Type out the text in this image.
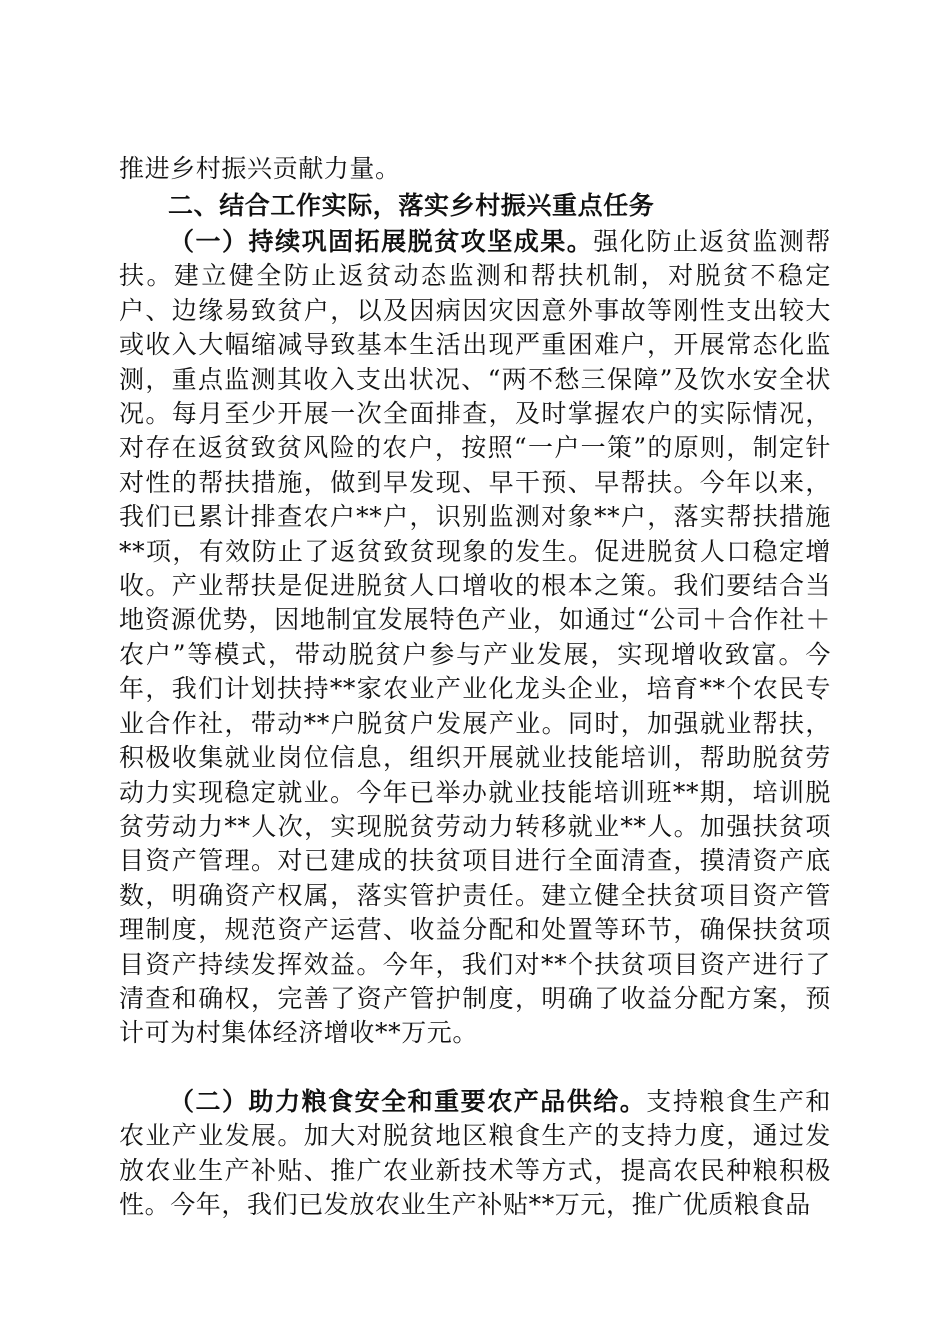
推进乡村振兴贡献力量。

二、结合工作实际，落实乡村振兴重点任务

（一）持续巩固拓展脱贫攻坚成果。强化防止返贫监测帮扶。建立健全防止返贫动态监测和帮扶机制，对脱贫不稳定户、边缘易致贫户，以及因病因灾因意外事故等刚性支出较大或收入大幅缩减导致基本生活出现严重困难户，开展常态化监测，重点监测其收入支出状况、“两不愁三保障”及饮水安全状况。每月至少开展一次全面排查，及时掌握农户的实际情况，对存在返贫致贫风险的农户，按照“一户一策”的原则，制定针对性的帮扶措施，做到早发现、早干预、早帮扶。今年以来，我们已累计排查农户**户，识别监测对象**户，落实帮扶措施**项，有效防止了返贫致贫现象的发生。促进脱贫人口稳定增收。产业帮扶是促进脱贫人口增收的根本之策。我们要结合当地资源优势，因地制宜发展特色产业，如通过“公司＋合作社＋农户”等模式，带动脱贫户参与产业发展，实现增收致富。今年，我们计划扶持**家农业产业化龙头企业，培育**个农民专业合作社，带动**户脱贫户发展产业。同时，加强就业帮扶，积极收集就业岗位信息，组织开展就业技能培训，帮助脱贫劳动力实现稳定就业。今年已举办就业技能培训班**期，培训脱贫劳动力**人次，实现脱贫劳动力转移就业**人。加强扶贫项目资产管理。对已建成的扶贫项目进行全面清查，摸清资产底数，明确资产权属，落实管护责任。建立健全扶贫项目资产管理制度，规范资产运营、收益分配和处置等环节，确保扶贫项目资产持续发挥效益。今年，我们对**个扶贫项目资产进行了清查和确权，完善了资产管护制度，明确了收益分配方案，预计可为村集体经济增收**万元。

（二）助力粮食安全和重要农产品供给。支持粮食生产和农业产业发展。加大对脱贫地区粮食生产的支持力度，通过发放农业生产补贴、推广农业新技术等方式，提高农民种粮积极性。今年，我们已发放农业生产补贴**万元，推广优质粮食品
